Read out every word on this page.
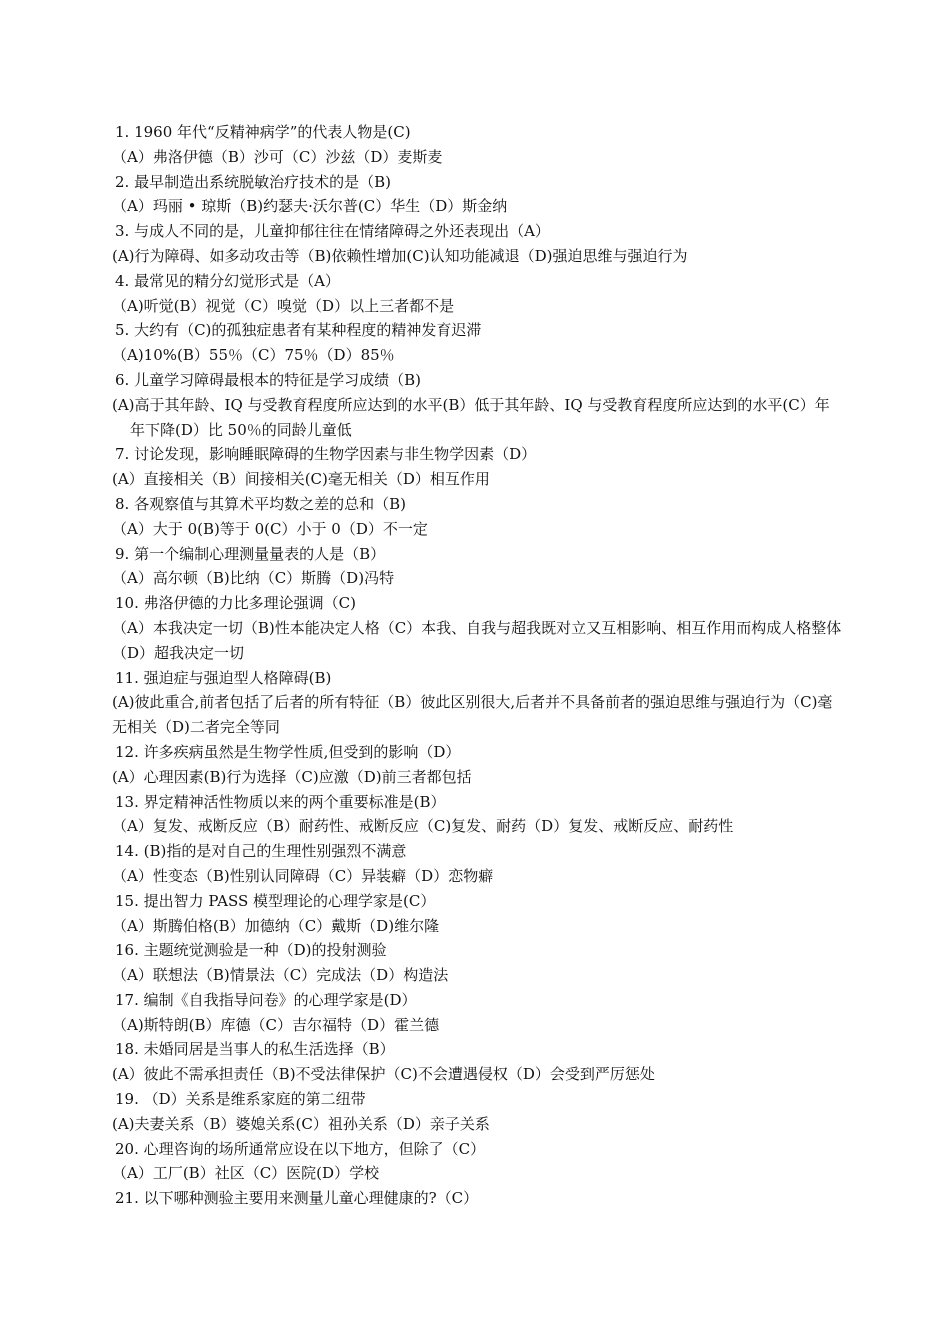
1. 1960 年代“反精神病学”的代表人物是(C)

（A）弗洛伊德（B）沙可（C）沙兹（D）麦斯麦

2. 最早制造出系统脱敏治疗技术的是（B)

（A）玛丽 • 琼斯（B)约瑟夫·沃尔普(C）华生（D）斯金纳

3. 与成人不同的是，儿童抑郁往往在情绪障碍之外还表现出（A）

(A)行为障碍、如多动攻击等（B)依赖性增加(C)认知功能减退（D)强迫思维与强迫行为

4. 最常见的精分幻觉形式是（A）

（A)听觉(B）视觉（C）嗅觉（D）以上三者都不是

5. 大约有（C)的孤独症患者有某种程度的精神发育迟滞

（A)10%(B）55％（C）75％（D）85％

6. 儿童学习障碍最根本的特征是学习成绩（B)

(A)高于其年龄、IQ 与受教育程度所应达到的水平(B）低于其年龄、IQ 与受教育程度所应达到的水平(C）年年下降(D）比 50％的同龄儿童低

7. 讨论发现，影响睡眠障碍的生物学因素与非生物学因素（D）

(A）直接相关（B）间接相关(C)毫无相关（D）相互作用

8. 各观察值与其算术平均数之差的总和（B)

（A）大于 0(B)等于 0(C）小于 0（D）不一定

9. 第一个编制心理测量量表的人是（B）

（A）高尔顿（B)比纳（C）斯腾（D)冯特

10. 弗洛伊德的力比多理论强调（C)

（A）本我决定一切（B)性本能决定人格（C）本我、自我与超我既对立又互相影响、相互作用而构成人格整体（D）超我决定一切

11. 强迫症与强迫型人格障碍(B)

(A)彼此重合,前者包括了后者的所有特征（B）彼此区别很大,后者并不具备前者的强迫思维与强迫行为（C)毫无相关（D)二者完全等同

12. 许多疾病虽然是生物学性质,但受到的影响（D）

(A）心理因素(B)行为选择（C)应激（D)前三者都包括

13. 界定精神活性物质以来的两个重要标准是(B）

（A）复发、戒断反应（B）耐药性、戒断反应（C)复发、耐药（D）复发、戒断反应、耐药性

14. (B)指的是对自己的生理性别强烈不满意

（A）性变态（B)性别认同障碍（C）异装癖（D）恋物癖

15. 提出智力 PASS 模型理论的心理学家是(C）

（A）斯腾伯格(B）加德纳（C）戴斯（D)维尔隆

16. 主题统觉测验是一种（D)的投射测验

（A）联想法（B)情景法（C）完成法（D）构造法

17. 编制《自我指导问卷》的心理学家是(D）

（A)斯特朗(B）库德（C）吉尔福特（D）霍兰德

18. 未婚同居是当事人的私生活选择（B）

(A）彼此不需承担责任（B)不受法律保护（C)不会遭遇侵权（D）会受到严厉惩处

19. （D）关系是维系家庭的第二纽带

(A)夫妻关系（B）婆媳关系(C）祖孙关系（D）亲子关系

20. 心理咨询的场所通常应设在以下地方，但除了（C）

（A）工厂(B）社区（C）医院(D）学校

21. 以下哪种测验主要用来测量儿童心理健康的?（C）
